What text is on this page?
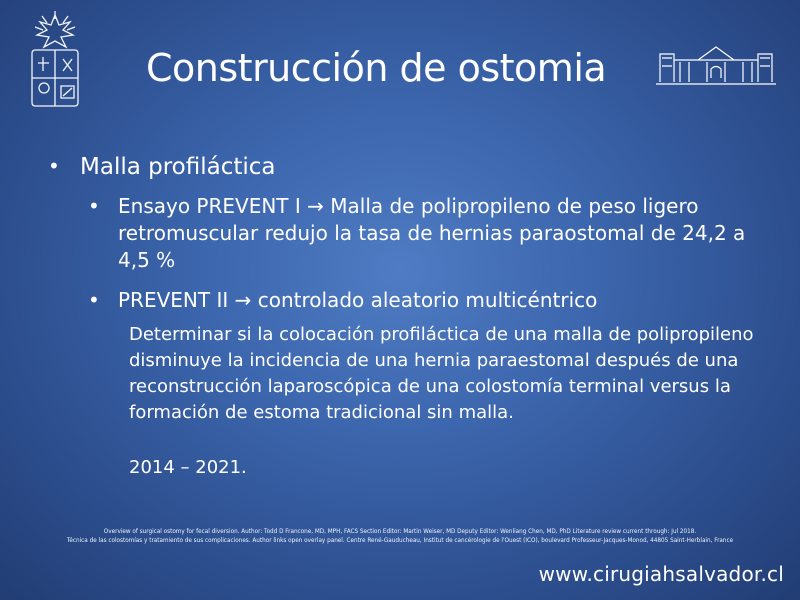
Construcción de ostomia
• Malla profiláctica
• Ensayo PREVENT I → Malla de polipropileno de peso ligero retromuscular redujo la tasa de hernias paraostomal de 24,2 a 4,5 %
• PREVENT II → controlado aleatorio multicéntrico
Determinar si la colocación profiláctica de una malla de polipropileno disminuye la incidencia de una hernia paraestomal después de una reconstrucción laparoscópica de una colostomía terminal versus la formación de estoma tradicional sin malla.
2014 – 2021.
Overview of surgical ostomy for fecal diversion. Author: Todd D Francone, MD, MPH, FACS Section Editor: Martin Weiser, MD Deputy Editor: Wenliang Chen, MD, PhD Literature review current through: Jul 2018.
Técnica de las colostomías y tratamiento de sus complicaciones. Author links open overlay panel. Centre René-Gauducheau, Institut de cancérologie de l'Ouest (ICO), boulevard Professeur-Jacques-Monod, 44805 Saint-Herblain, France
www.cirugiahsalvador.cl
